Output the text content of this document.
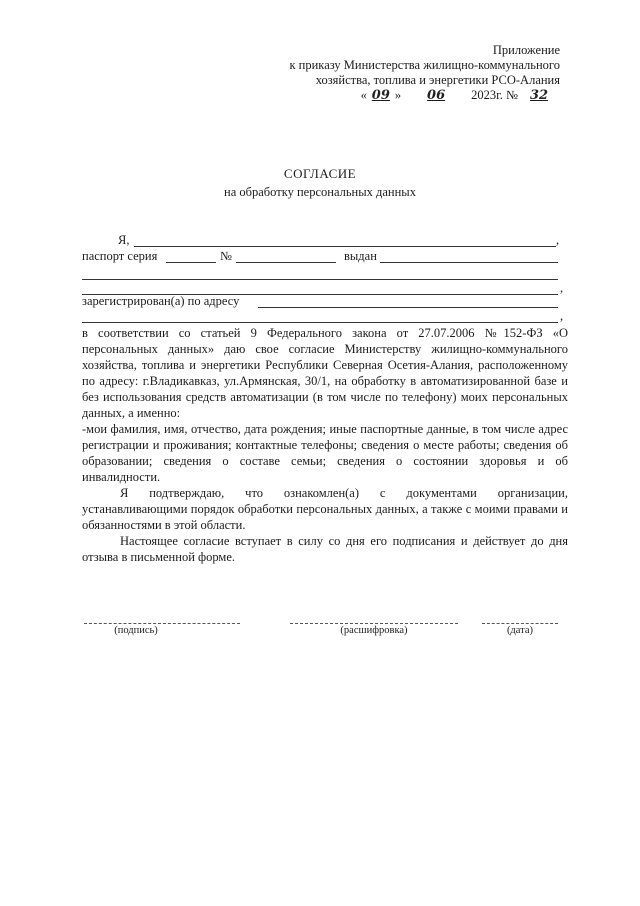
Приложение
к приказу Министерства жилищно-коммунального
хозяйства, топлива и энергетики РСО-Алания
« 09 » 06 2023г. № 32
СОГЛАСИЕ
на обработку персональных данных
Я,	,
паспорт серия	№	выдан
,
зарегистрирован(а) по адресу
,

в соответствии со статьей 9 Федерального закона от 27.07.2006 №152-ФЗ «О персональных данных» даю свое согласие Министерству жилищно-коммунального хозяйства, топлива и энергетики Республики Северная Осетия-Алания, расположенному по адресу: г.Владикавказ, ул.Армянская, 30/1, на обработку в автоматизированной базе и без использования средств автоматизации (в том числе по телефону) моих персональных данных, а именно:

-мои фамилия, имя, отчество, дата рождения; иные паспортные данные, в том числе адрес регистрации и проживания; контактные телефоны; сведения о месте работы; сведения об образовании; сведения о составе семьи; сведения о состоянии здоровья и об инвалидности.

Я подтверждаю, что ознакомлен(а) с документами организации, устанавливающими порядок обработки персональных данных, а также с моими правами и обязанностями в этой области.

Настоящее согласие вступает в силу со дня его подписания и действует до дня отзыва в письменной форме.

(подпись)	(расшифровка)	(дата)
